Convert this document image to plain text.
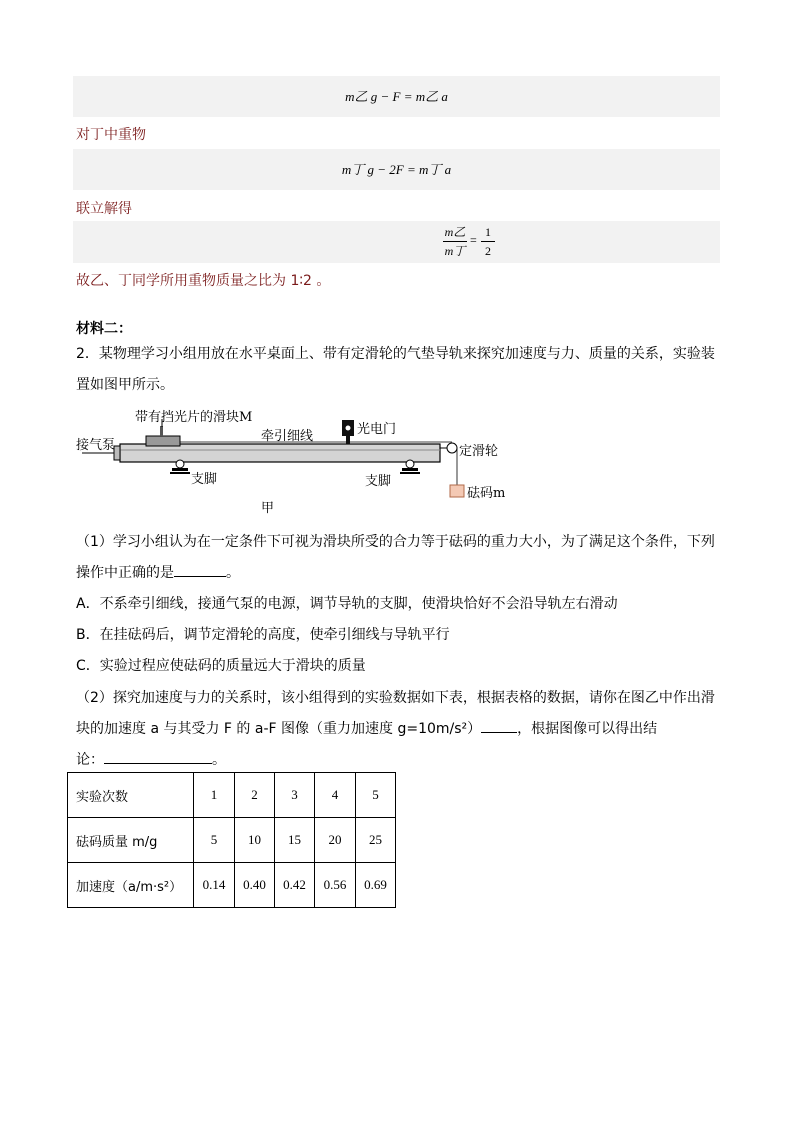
m乙 g − F = m乙 a
对丁中重物
m丁 g − 2F = m丁 a
联立解得
m乙
m丁
=
1
2
故乙、丁同学所用重物质量之比为 1∶2 。
材料二：
2．某物理学习小组用放在水平桌面上、带有定滑轮的气垫导轨来探究加速度与力、质量的关系，实验装
置如图甲所示。
带有挡光片的滑块M
接气泵
牵引细线	光电门
定滑轮
支脚	支脚
砝码m
甲
（1）学习小组认为在一定条件下可视为滑块所受的合力等于砝码的重力大小，为了满足这个条件，下列
操作中正确的是	。
A．不系牵引细线，接通气泵的电源，调节导轨的支脚，使滑块恰好不会沿导轨左右滑动
B．在挂砝码后，调节定滑轮的高度，使牵引细线与导轨平行
C．实验过程应使砝码的质量远大于滑块的质量
（2）探究加速度与力的关系时，该小组得到的实验数据如下表，根据表格的数据，请你在图乙中作出滑
块的加速度 a 与其受力 F 的 a-F 图像（重力加速度 g=10m/s²）	，根据图像可以得出结
论：	。
实验次数	1	2	3	4	5
砝码质量 m/g	5	10	15	20	25
加速度（a/m·s²）	0.14	0.40	0.42	0.56	0.69
